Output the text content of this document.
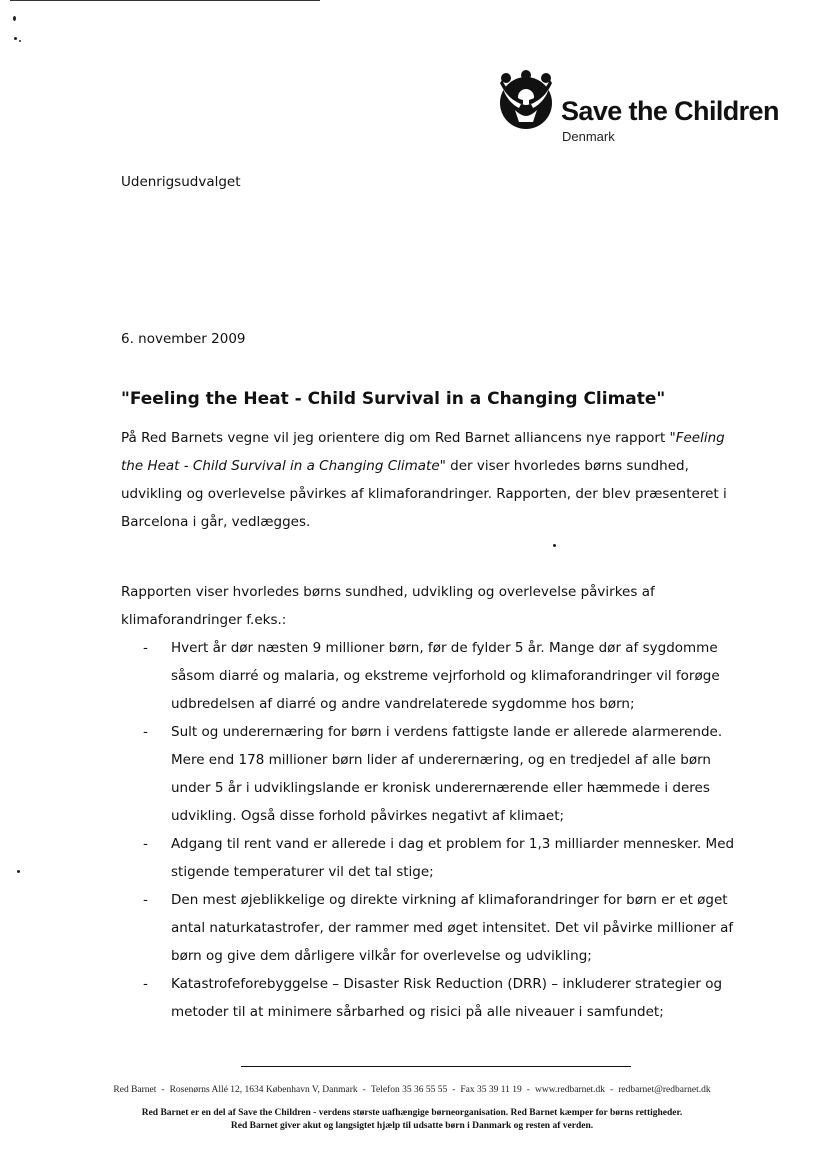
Save the Children
Denmark
Udenrigsudvalget
6. november 2009
"Feeling the Heat - Child Survival in a Changing Climate"

På Red Barnets vegne vil jeg orientere dig om Red Barnet alliancens nye rapport "Feeling the Heat - Child Survival in a Changing Climate" der viser hvorledes børns sundhed, udvikling og overlevelse påvirkes af klimaforandringer. Rapporten, der blev præsenteret i Barcelona i går, vedlægges.

Rapporten viser hvorledes børns sundhed, udvikling og overlevelse påvirkes af klimaforandringer f.eks.:

- Hvert år dør næsten 9 millioner børn, før de fylder 5 år. Mange dør af sygdomme såsom diarré og malaria, og ekstreme vejrforhold og klimaforandringer vil forøge udbredelsen af diarré og andre vandrelaterede sygdomme hos børn;
- Sult og underernæring for børn i verdens fattigste lande er allerede alarmerende. Mere end 178 millioner børn lider af underernæring, og en tredjedel af alle børn under 5 år i udviklingslande er kronisk underernærende eller hæmmede i deres udvikling. Også disse forhold påvirkes negativt af klimaet;
- Adgang til rent vand er allerede i dag et problem for 1,3 milliarder mennesker. Med stigende temperaturer vil det tal stige;
- Den mest øjeblikkelige og direkte virkning af klimaforandringer for børn er et øget antal naturkatastrofer, der rammer med øget intensitet. Det vil påvirke millioner af børn og give dem dårligere vilkår for overlevelse og udvikling;
- Katastrofeforebyggelse – Disaster Risk Reduction (DRR) – inkluderer strategier og metoder til at minimere sårbarhed og risici på alle niveauer i samfundet;
Red Barnet - Rosenørns Allé 12, 1634 København V, Danmark - Telefon 35 36 55 55 - Fax 35 39 11 19 - www.redbarnet.dk - redbarnet@redbarnet.dk
Red Barnet er en del af Save the Children - verdens største uafhængige børneorganisation. Red Barnet kæmper for børns rettigheder.
Red Barnet giver akut og langsigtet hjælp til udsatte børn i Danmark og resten af verden.
